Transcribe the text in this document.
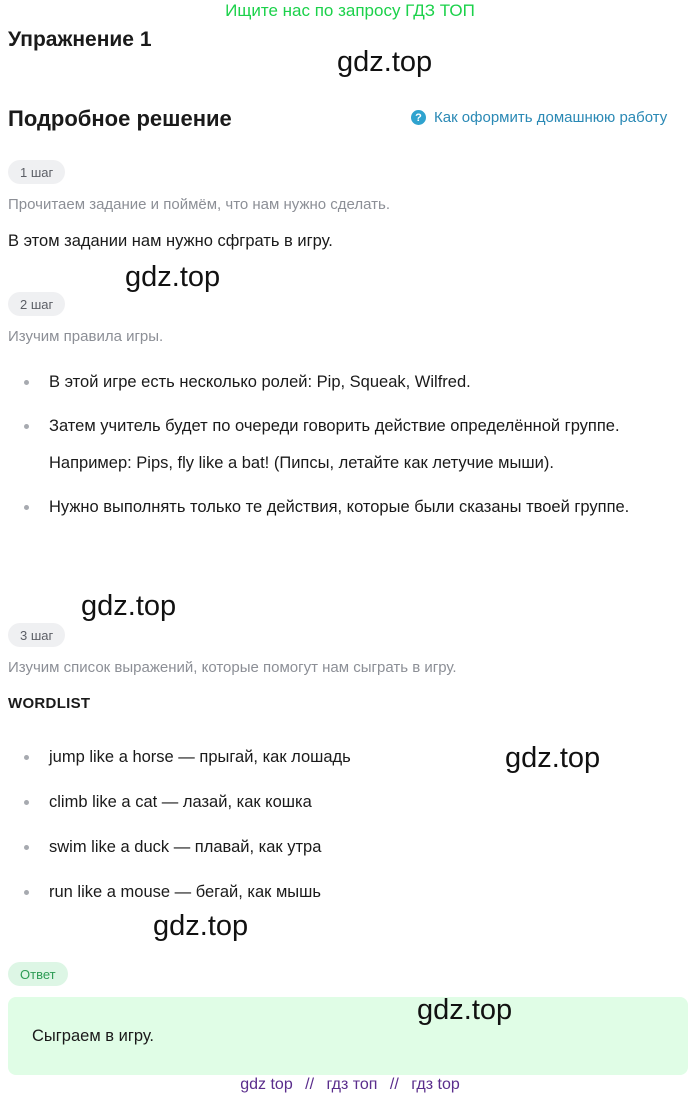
Ищите нас по запросу ГДЗ ТОП
Упражнение 1
gdz.top
Подробное решение	? Как оформить домашнюю работу
1 шаг
Прочитаем задание и поймём, что нам нужно сделать.
В этом задании нам нужно сфграть в игру.
gdz.top
2 шаг
Изучим правила игры.
В этой игре есть несколько ролей: Pip, Squeak, Wilfred.
Затем учитель будет по очереди говорить действие определённой группе. Например: Pips, fly like a bat! (Пипсы, летайте как летучие мыши).
Нужно выполнять только те действия, которые были сказаны твоей группе.
gdz.top
3 шаг
Изучим список выражений, которые помогут нам сыграть в игру.
WORDLIST
jump like a horse — прыгай, как лошадь
climb like a cat — лазай, как кошка
swim like a duck — плавай, как утра
run like a mouse — бегай, как мышь
gdz.top
gdz.top
Ответ
Сыграем в игру.
gdz.top
gdz top // гдз топ // гдз top
